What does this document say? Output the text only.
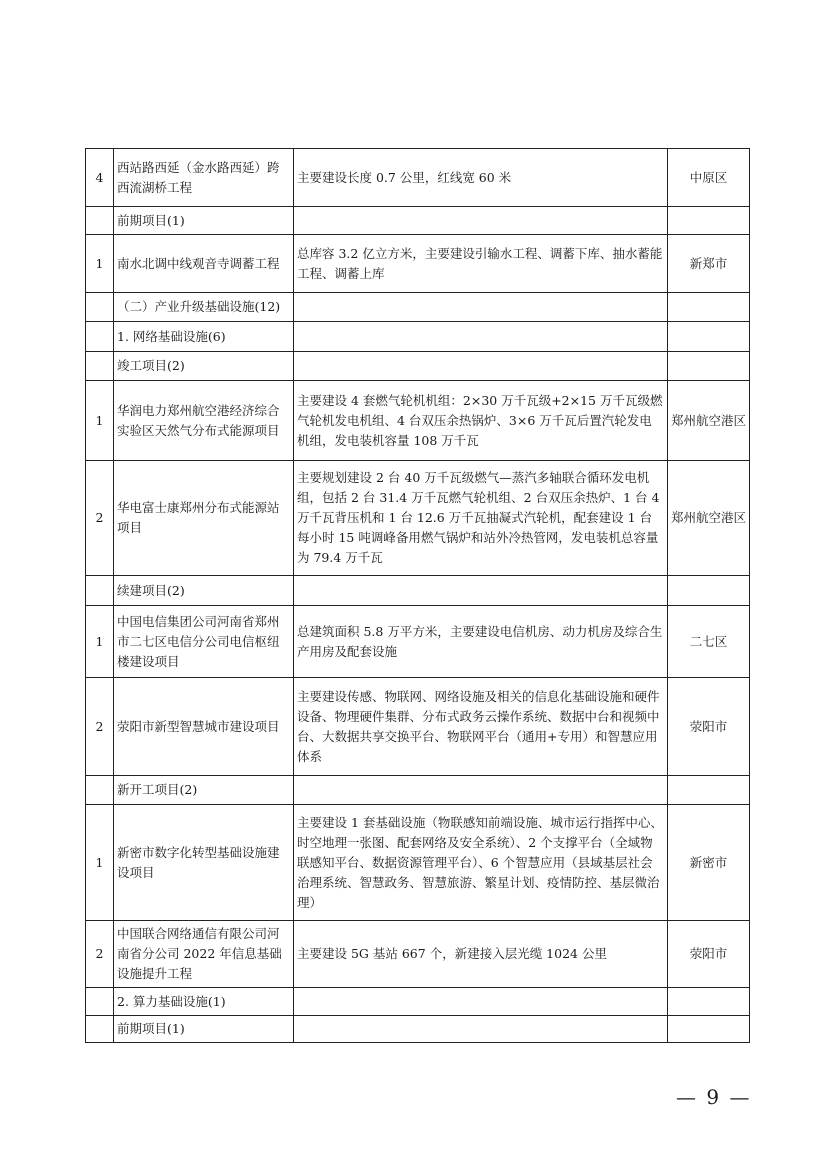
4	西站路西延（金水路西延）跨西流湖桥工程	主要建设长度 0.7 公里，红线宽 60 米	中原区
	前期项目(1)		
1	南水北调中线观音寺调蓄工程	总库容 3.2 亿立方米，主要建设引输水工程、调蓄下库、抽水蓄能工程、调蓄上库	新郑市
	（二）产业升级基础设施(12)		
	1. 网络基础设施(6)		
	竣工项目(2)		
1	华润电力郑州航空港经济综合实验区天然气分布式能源项目	主要建设 4 套燃气轮机机组：2×30 万千瓦级+2×15 万千瓦级燃气轮机发电机组、4 台双压余热锅炉、3×6 万千瓦后置汽轮发电机组，发电装机容量 108 万千瓦	郑州航空港区
2	华电富士康郑州分布式能源站项目	主要规划建设 2 台 40 万千瓦级燃气—蒸汽多轴联合循环发电机组，包括 2 台 31.4 万千瓦燃气轮机组、2 台双压余热炉、1 台 4 万千瓦背压机和 1 台 12.6 万千瓦抽凝式汽轮机，配套建设 1 台每小时 15 吨调峰备用燃气锅炉和站外冷热管网，发电装机总容量为 79.4 万千瓦	郑州航空港区
	续建项目(2)		
1	中国电信集团公司河南省郑州市二七区电信分公司电信枢纽楼建设项目	总建筑面积 5.8 万平方米，主要建设电信机房、动力机房及综合生产用房及配套设施	二七区
2	荥阳市新型智慧城市建设项目	主要建设传感、物联网、网络设施及相关的信息化基础设施和硬件设备、物理硬件集群、分布式政务云操作系统、数据中台和视频中台、大数据共享交换平台、物联网平台（通用+专用）和智慧应用体系	荥阳市
	新开工项目(2)		
1	新密市数字化转型基础设施建设项目	主要建设 1 套基础设施（物联感知前端设施、城市运行指挥中心、时空地理一张图、配套网络及安全系统）、2 个支撑平台（全域物联感知平台、数据资源管理平台）、6 个智慧应用（县域基层社会治理系统、智慧政务、智慧旅游、繁星计划、疫情防控、基层微治理）	新密市
2	中国联合网络通信有限公司河南省分公司 2022 年信息基础设施提升工程	主要建设 5G 基站 667 个，新建接入层光缆 1024 公里	荥阳市
	2. 算力基础设施(1)		
	前期项目(1)		
— 9 —
